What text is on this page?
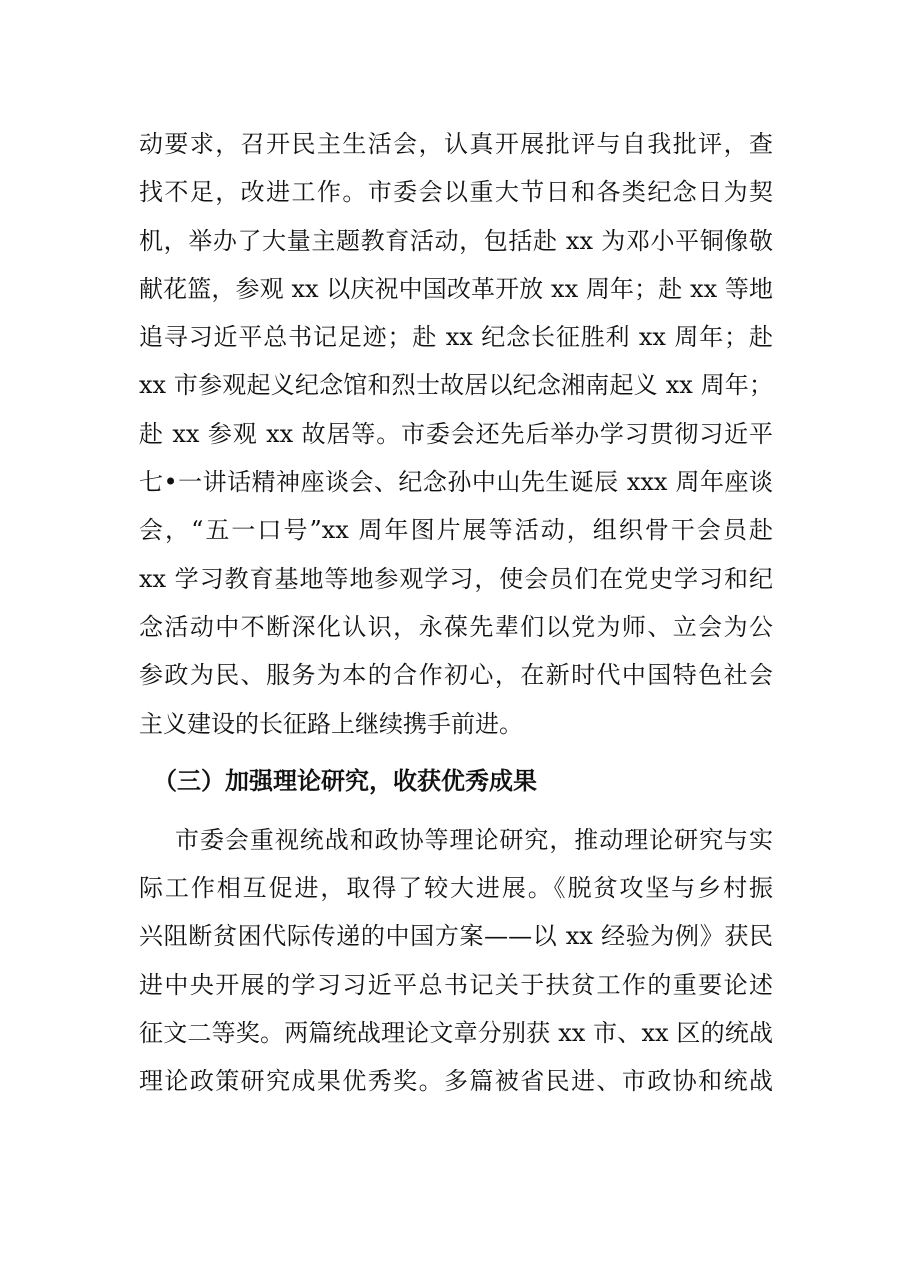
动要求，召开民主生活会，认真开展批评与自我批评，查
找不足，改进工作。市委会以重大节日和各类纪念日为契
机，举办了大量主题教育活动，包括赴 xx 为邓小平铜像敬
献花篮，参观 xx 以庆祝中国改革开放 xx 周年；赴 xx 等地
追寻习近平总书记足迹；赴 xx 纪念长征胜利 xx 周年；赴
xx 市参观起义纪念馆和烈士故居以纪念湘南起义 xx 周年；
赴 xx 参观 xx 故居等。市委会还先后举办学习贯彻习近平
七•一讲话精神座谈会、纪念孙中山先生诞辰 xxx 周年座谈
会，“五一口号”xx 周年图片展等活动，组织骨干会员赴
xx 学习教育基地等地参观学习，使会员们在党史学习和纪
念活动中不断深化认识，永葆先辈们以党为师、立会为公
参政为民、服务为本的合作初心，在新时代中国特色社会
主义建设的长征路上继续携手前进。
（三）加强理论研究，收获优秀成果
市委会重视统战和政协等理论研究，推动理论研究与实
际工作相互促进，取得了较大进展。《脱贫攻坚与乡村振
兴阻断贫困代际传递的中国方案——以 xx 经验为例》获民
进中央开展的学习习近平总书记关于扶贫工作的重要论述
征文二等奖。两篇统战理论文章分别获 xx 市、xx 区的统战
理论政策研究成果优秀奖。多篇被省民进、市政协和统战
